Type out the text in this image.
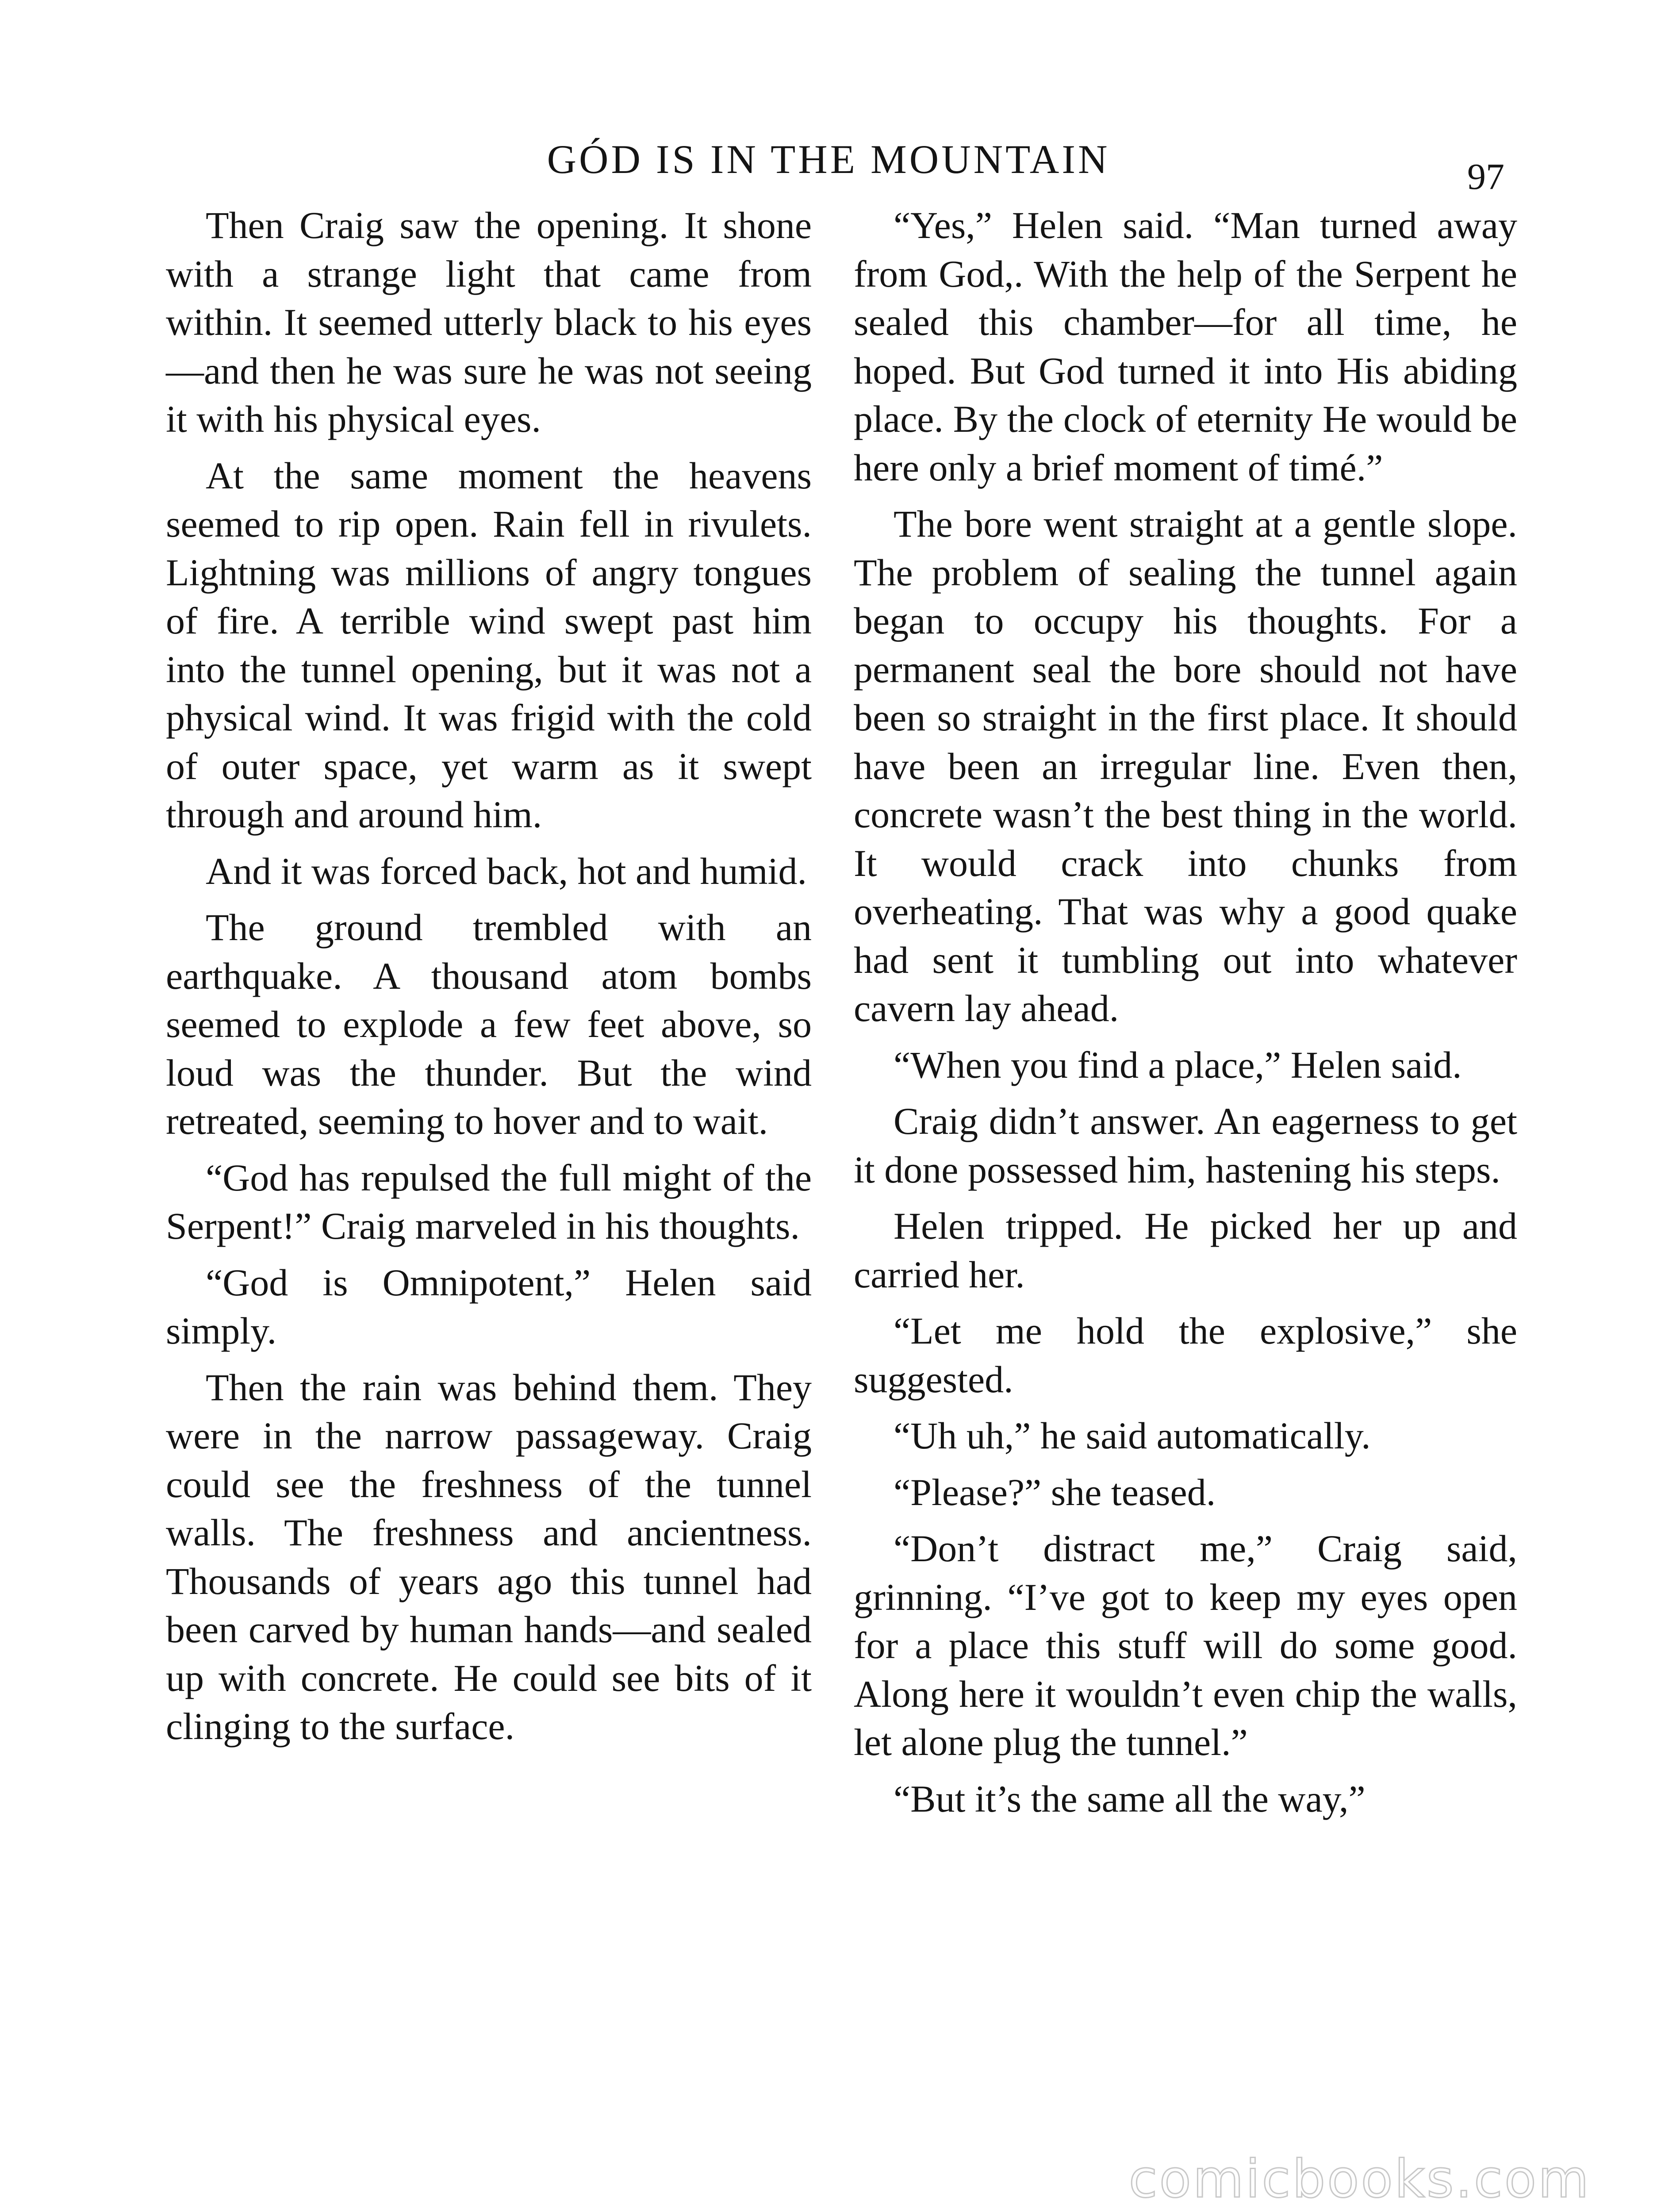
GÓD IS IN THE MOUNTAIN	97

Then Craig saw the opening. It shone with a strange light that came from within. It seemed utterly black to his eyes—and then he was sure he was not seeing it with his physical eyes.

At the same moment the heavens seemed to rip open. Rain fell in rivulets. Lightning was millions of angry tongues of fire. A terrible wind swept past him into the tunnel opening, but it was not a physical wind. It was frigid with the cold of outer space, yet warm as it swept through and around him.

And it was forced back, hot and humid.

The ground trembled with an earthquake. A thousand atom bombs seemed to explode a few feet above, so loud was the thunder. But the wind retreated, seeming to hover and to wait.

“God has repulsed the full might of the Serpent!” Craig marveled in his thoughts.

“God is Omnipotent,” Helen said simply.

Then the rain was behind them. They were in the narrow passageway. Craig could see the freshness of the tunnel walls. The freshness and ancientness. Thousands of years ago this tunnel had been carved by human hands—and sealed up with concrete. He could see bits of it clinging to the surface.

“Yes,” Helen said. “Man turned away from God,. With the help of the Serpent he sealed this chamber—for all time, he hoped. But God turned it into His abiding place. By the clock of eternity He would be here only a brief moment of timé.”

The bore went straight at a gentle slope. The problem of sealing the tunnel again began to occupy his thoughts. For a permanent seal the bore should not have been so straight in the first place. It should have been an irregular line. Even then, concrete wasn’t the best thing in the world. It would crack into chunks from overheating. That was why a good quake had sent it tumbling out into whatever cavern lay ahead.

“When you find a place,” Helen said.

Craig didn’t answer. An eagerness to get it done possessed him, hastening his steps.

Helen tripped. He picked her up and carried her.

“Let me hold the explosive,” she suggested.

“Uh uh,” he said automatically.

“Please?” she teased.

“Don’t distract me,” Craig said, grinning. “I’ve got to keep my eyes open for a place this stuff will do some good. Along here it wouldn’t even chip the walls, let alone plug the tunnel.”

“But it’s the same all the way,”

comicbooks.com
